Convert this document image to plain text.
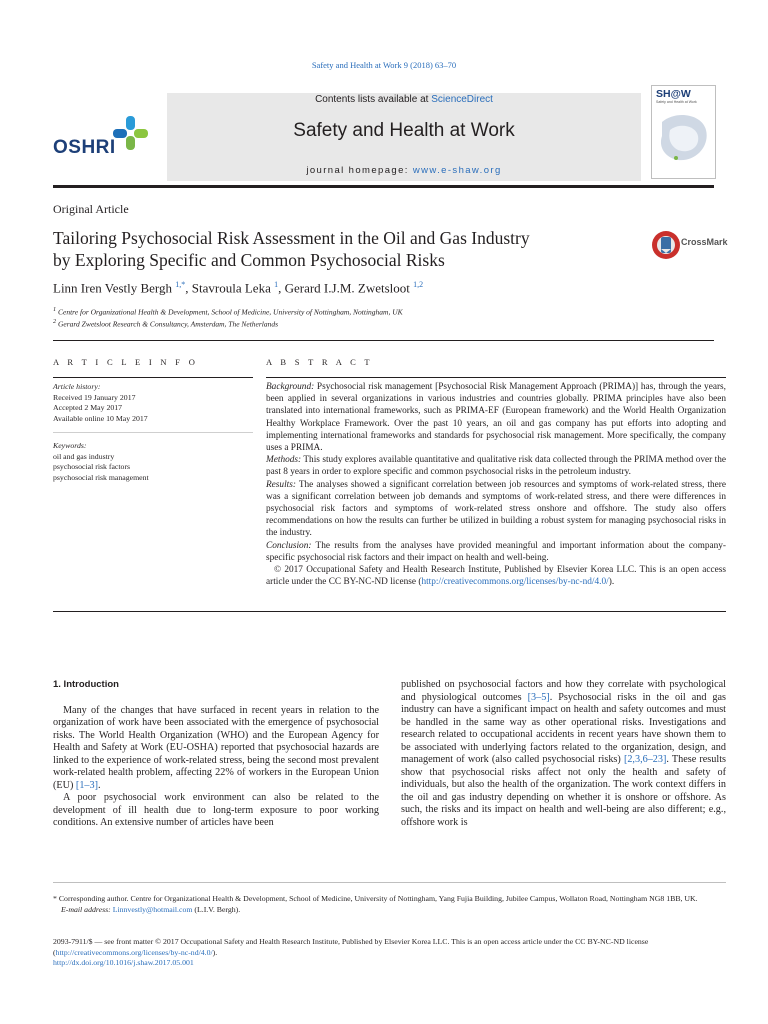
Safety and Health at Work 9 (2018) 63–70
OSHRI
Contents lists available at ScienceDirect
Safety and Health at Work
journal homepage: www.e-shaw.org
SH@W
Safety and Health at Work
Original Article
Tailoring Psychosocial Risk Assessment in the Oil and Gas Industry
by Exploring Specific and Common Psychosocial Risks
CrossMark
Linn Iren Vestly Bergh $^{1,*}$, Stavroula Leka $^1$, Gerard I.J.M. Zwetsloot $^{1,2}$
$^1$ Centre for Organizational Health & Development, School of Medicine, University of Nottingham, Nottingham, UK
$^2$ Gerard Zwetsloot Research & Consultancy, Amsterdam, The Netherlands
A R T I C L E I N F O	A B S T R A C T
Article history:
Received 19 January 2017
Accepted 2 May 2017
Available online 10 May 2017
Keywords:
oil and gas industry
psychosocial risk factors
psychosocial risk management

Background: Psychosocial risk management [Psychosocial Risk Management Approach (PRIMA)] has, through the years, been applied in several organizations in various industries and countries globally. PRIMA principles have also been translated into international frameworks, such as PRIMA-EF (European framework) and the World Health Organization Healthy Workplace Framework. Over the past 10 years, an oil and gas company has put efforts into adopting and implementing international frameworks and standards for psychosocial risk management. More specifically, the company uses a PRIMA.

Methods: This study explores available quantitative and qualitative risk data collected through the PRIMA method over the past 8 years in order to explore specific and common psychosocial risks in the petroleum industry.

Results: The analyses showed a significant correlation between job resources and symptoms of work-related stress, there was a significant correlation between job demands and symptoms of work-related stress, and there were differences in psychosocial risk factors and symptoms of work-related stress onshore and offshore. The study also offers recommendations on how the results can further be utilized in building a robust system for managing psychosocial risks in the industry.

Conclusion: The results from the analyses have provided meaningful and important information about the company-specific psychosocial risk factors and their impact on health and well-being.

© 2017 Occupational Safety and Health Research Institute, Published by Elsevier Korea LLC. This is an open access article under the CC BY-NC-ND license (http://creativecommons.org/licenses/by-nc-nd/4.0/).

1. Introduction

Many of the changes that have surfaced in recent years in relation to the organization of work have been associated with the emergence of psychosocial risks. The World Health Organization (WHO) and the European Agency for Health and Safety at Work (EU-OSHA) reported that psychosocial hazards are linked to the experience of work-related stress, being the second most prevalent work-related health problem, affecting 22% of workers in the European Union (EU) [1–3].

A poor psychosocial work environment can also be related to the development of ill health due to long-term exposure to poor working conditions. An extensive number of articles have been

published on psychosocial factors and how they correlate with psychological and physiological outcomes [3–5]. Psychosocial risks in the oil and gas industry can have a significant impact on health and safety outcomes and must be handled in the same way as other operational risks. Investigations and research related to occupational accidents in recent years have shown them to be associated with underlying factors related to the organization, design, and management of work (also called psychosocial risks) [2,3,6–23]. These results show that psychosocial risks affect not only the health and safety of individuals, but also the health of the organization. The work context differs in the oil and gas industry depending on whether it is onshore or offshore. As such, the risks and its impact on health and well-being are also different; e.g., offshore work is

* Corresponding author. Centre for Organizational Health & Development, School of Medicine, University of Nottingham, Yang Fujia Building, Jubilee Campus, Wollaton Road, Nottingham NG8 1BB, UK.

E-mail address: Linnvestly@hotmail.com (L.I.V. Bergh).

2093-7911/$ — see front matter © 2017 Occupational Safety and Health Research Institute, Published by Elsevier Korea LLC. This is an open access article under the CC BY-NC-ND license (http://creativecommons.org/licenses/by-nc-nd/4.0/).

http://dx.doi.org/10.1016/j.shaw.2017.05.001
